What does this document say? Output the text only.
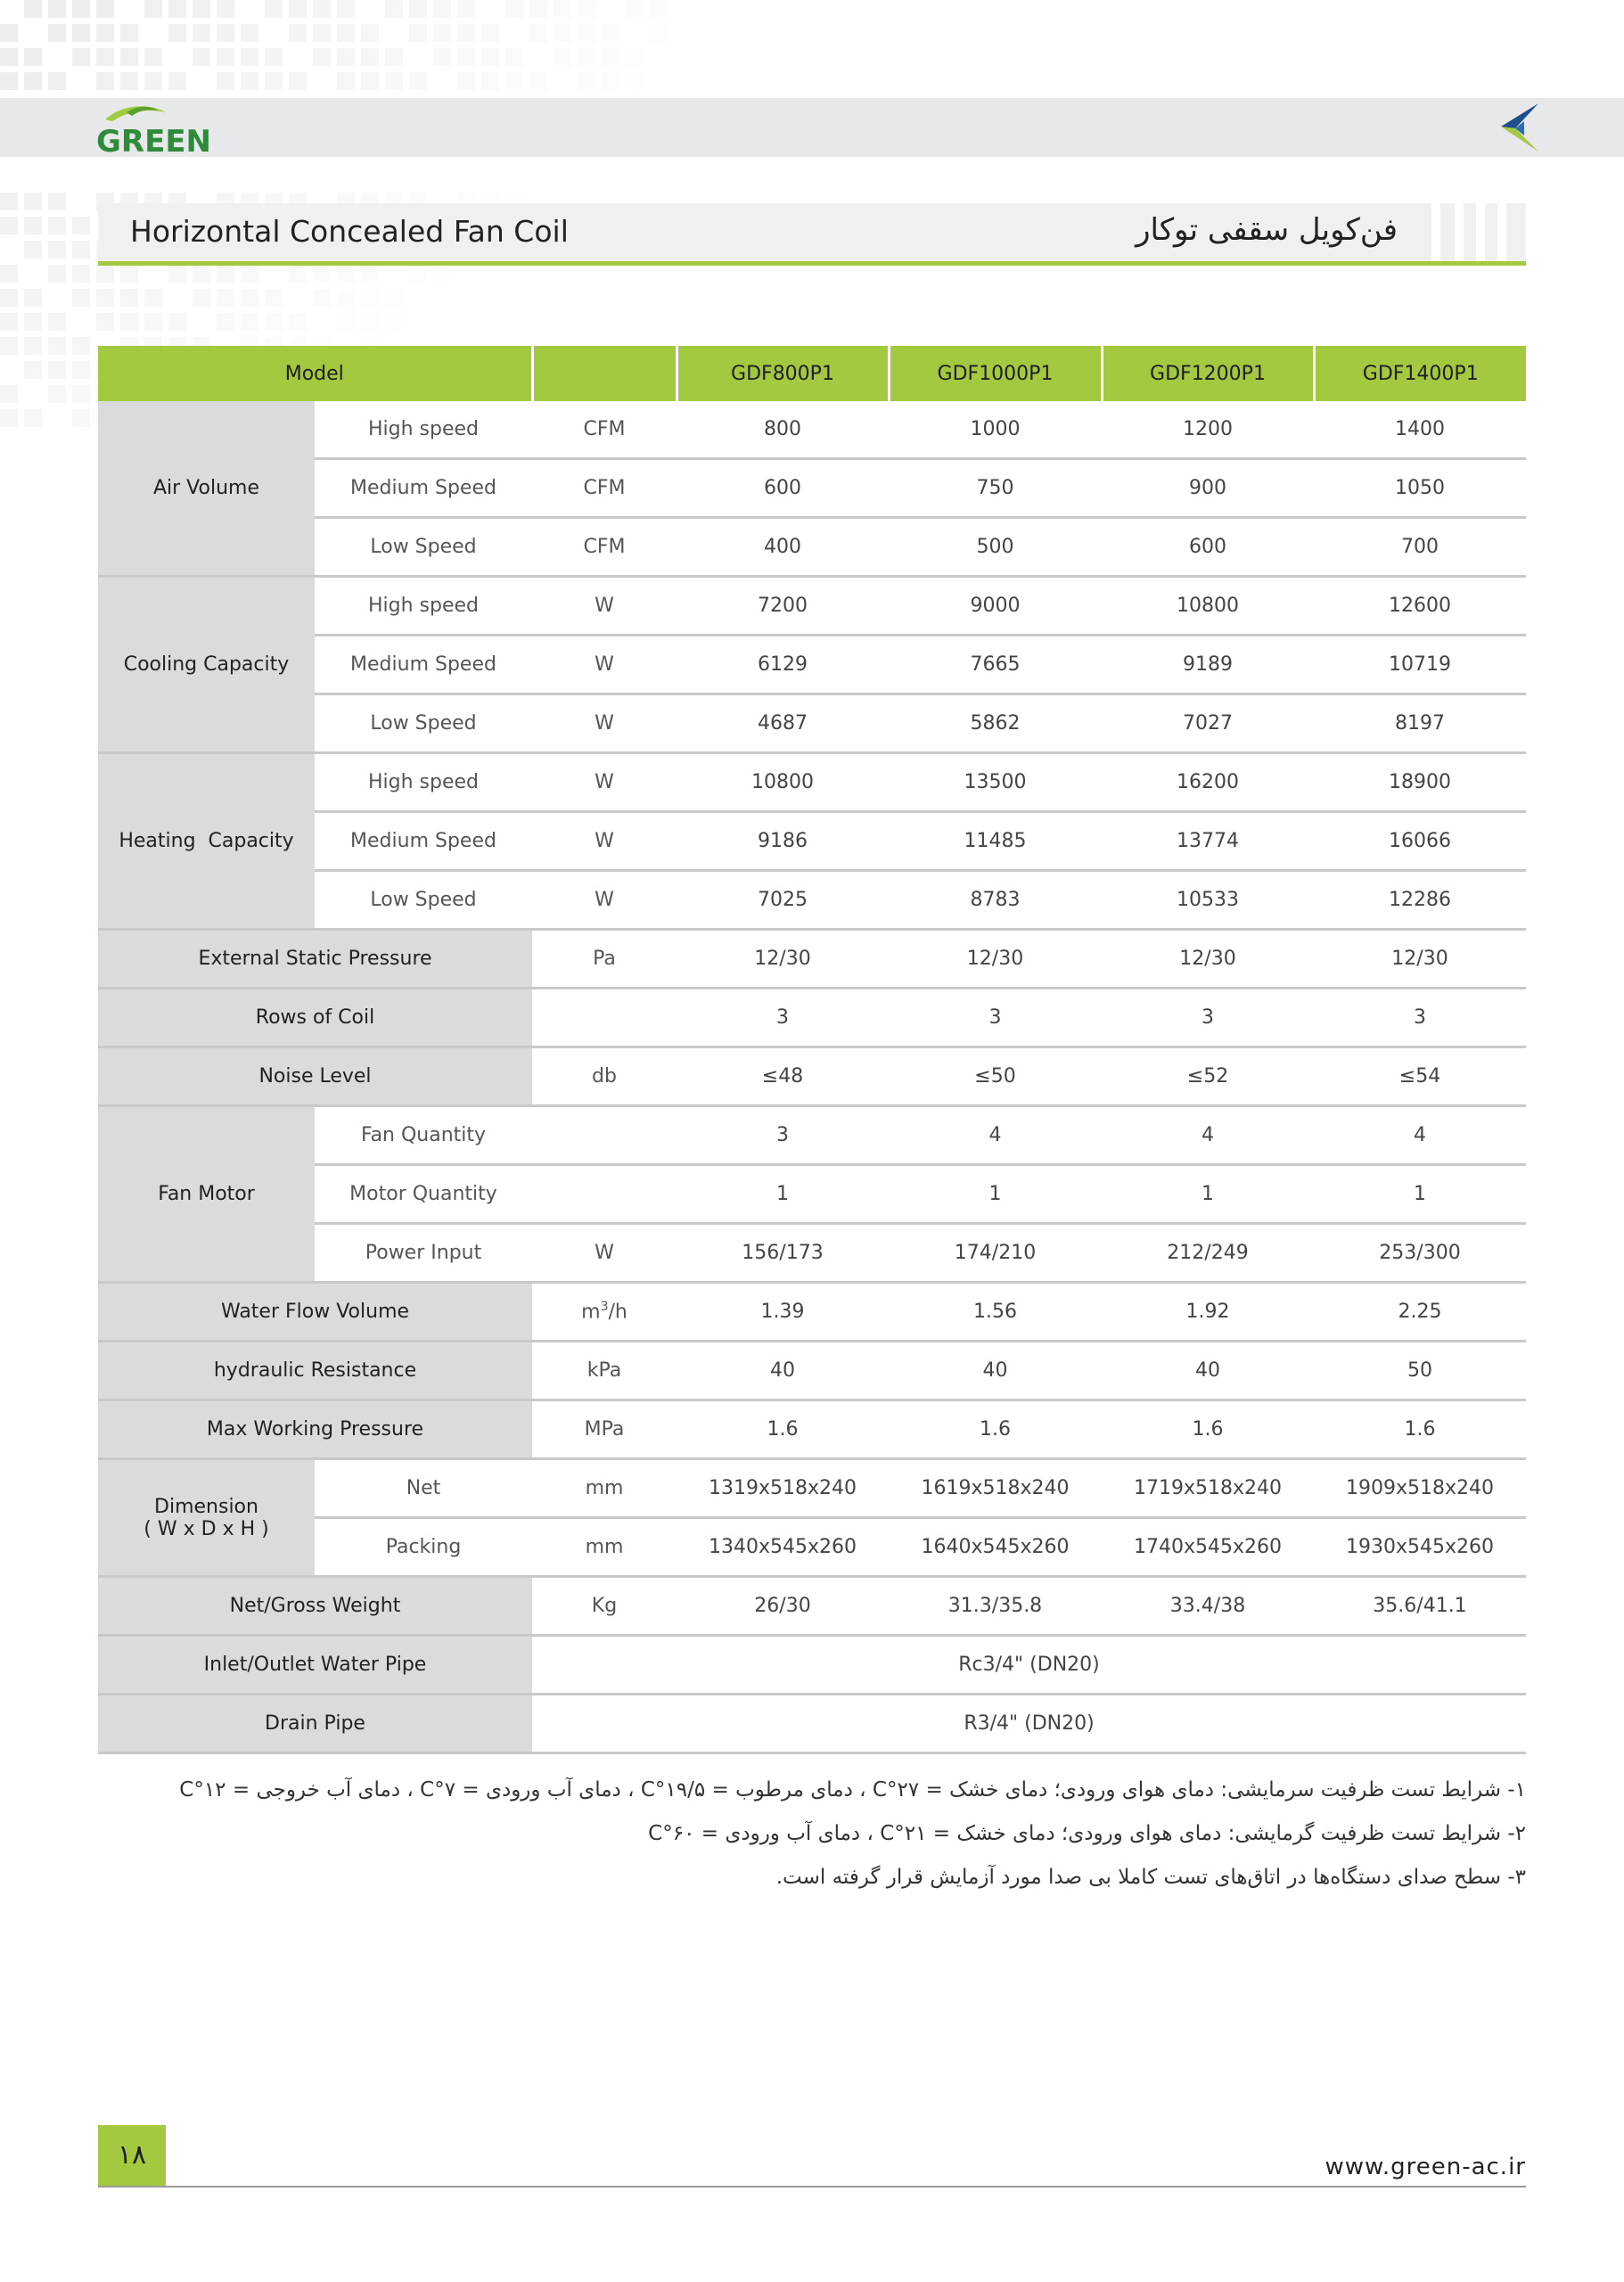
GREEN
Horizontal Concealed Fan Coil	فن‌کویل سقفی توکار
Model			GDF800P1	GDF1000P1	GDF1200P1	GDF1400P1
Air Volume	High speed	CFM	800	1000	1200	1400
	Medium Speed	CFM	600	750	900	1050
	Low Speed	CFM	400	500	600	700
Cooling Capacity	High speed	W	7200	9000	10800	12600
	Medium Speed	W	6129	7665	9189	10719
	Low Speed	W	4687	5862	7027	8197
Heating  Capacity	High speed	W	10800	13500	16200	18900
	Medium Speed	W	9186	11485	13774	16066
	Low Speed	W	7025	8783	10533	12286
External Static Pressure		Pa	12/30	12/30	12/30	12/30
Rows of Coil			3	3	3	3
Noise Level		db	≤48	≤50	≤52	≤54
Fan Motor	Fan Quantity		3	4	4	4
	Motor Quantity		1	1	1	1
	Power Input	W	156/173	174/210	212/249	253/300
Water Flow Volume		$m^3/h$	1.39	1.56	1.92	2.25
hydraulic Resistance		kPa	40	40	40	50
Max Working Pressure		MPa	1.6	1.6	1.6	1.6

Dimension
( W x D x H )	Net	mm	1319x518x240	1619x518x240	1719x518x240	1909x518x240
	Packing	mm	1340x545x260	1640x545x260	1740x545x260	1930x545x260
Net/Gross Weight		Kg	26/30	31.3/35.8	33.4/38	35.6/41.1
Inlet/Outlet Water Pipe		Rc3/4" (DN20)				
Drain Pipe		R3/4" (DN20)				
۱- شرایط تست ظرفیت سرمایشی: دمای هوای ورودی؛ دمای خشک = ۲۷°C ، دمای مرطوب = ۱۹/۵°C ، دمای آب ورودی = ۷°C ، دمای آب خروجی = ۱۲°C
۲- شرایط تست ظرفیت گرمایشی: دمای هوای ورودی؛ دمای خشک = ۲۱°C ، دمای آب ورودی = ۶۰°C
۳- سطح صدای دستگاه‌ها در اتاق‌های تست کاملا بی صدا مورد آزمایش قرار گرفته است.
۱۸	www.green-ac.ir
